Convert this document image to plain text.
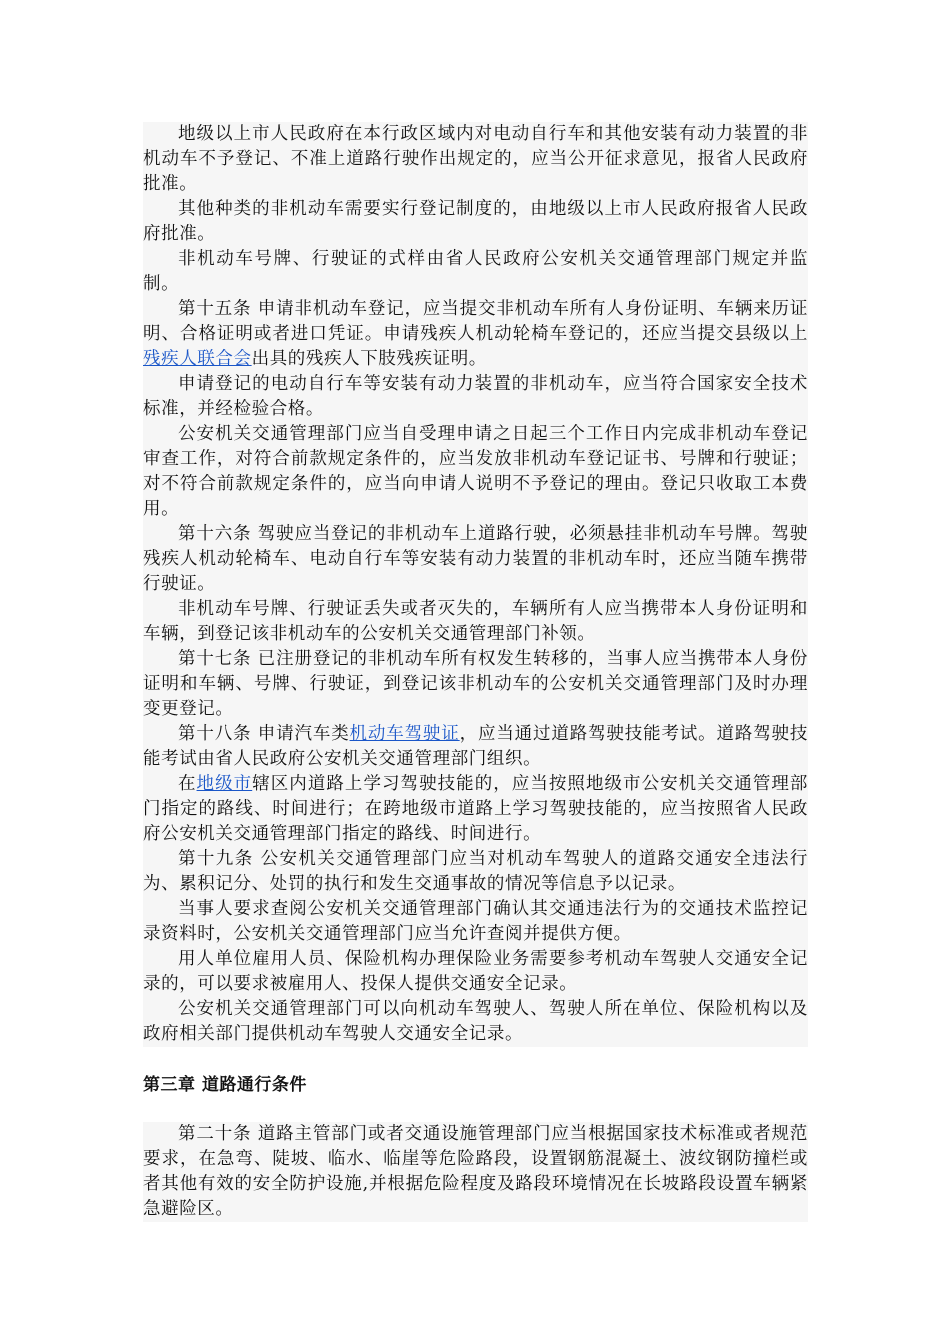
地级以上市人民政府在本行政区域内对电动自行车和其他安装有动力装置的非机动车不予登记、不准上道路行驶作出规定的，应当公开征求意见，报省人民政府批准。

其他种类的非机动车需要实行登记制度的，由地级以上市人民政府报省人民政府批准。

非机动车号牌、行驶证的式样由省人民政府公安机关交通管理部门规定并监制。

第十五条 申请非机动车登记，应当提交非机动车所有人身份证明、车辆来历证明、合格证明或者进口凭证。申请残疾人机动轮椅车登记的，还应当提交县级以上残疾人联合会出具的残疾人下肢残疾证明。

申请登记的电动自行车等安装有动力装置的非机动车，应当符合国家安全技术标准，并经检验合格。

公安机关交通管理部门应当自受理申请之日起三个工作日内完成非机动车登记审查工作，对符合前款规定条件的，应当发放非机动车登记证书、号牌和行驶证；对不符合前款规定条件的，应当向申请人说明不予登记的理由。登记只收取工本费用。

第十六条 驾驶应当登记的非机动车上道路行驶，必须悬挂非机动车号牌。驾驶残疾人机动轮椅车、电动自行车等安装有动力装置的非机动车时，还应当随车携带行驶证。

非机动车号牌、行驶证丢失或者灭失的，车辆所有人应当携带本人身份证明和车辆，到登记该非机动车的公安机关交通管理部门补领。

第十七条 已注册登记的非机动车所有权发生转移的，当事人应当携带本人身份证明和车辆、号牌、行驶证，到登记该非机动车的公安机关交通管理部门及时办理变更登记。

第十八条 申请汽车类机动车驾驶证，应当通过道路驾驶技能考试。道路驾驶技能考试由省人民政府公安机关交通管理部门组织。

在地级市辖区内道路上学习驾驶技能的，应当按照地级市公安机关交通管理部门指定的路线、时间进行；在跨地级市道路上学习驾驶技能的，应当按照省人民政府公安机关交通管理部门指定的路线、时间进行。

第十九条 公安机关交通管理部门应当对机动车驾驶人的道路交通安全违法行为、累积记分、处罚的执行和发生交通事故的情况等信息予以记录。

当事人要求查阅公安机关交通管理部门确认其交通违法行为的交通技术监控记录资料时，公安机关交通管理部门应当允许查阅并提供方便。

用人单位雇用人员、保险机构办理保险业务需要参考机动车驾驶人交通安全记录的，可以要求被雇用人、投保人提供交通安全记录。

公安机关交通管理部门可以向机动车驾驶人、驾驶人所在单位、保险机构以及政府相关部门提供机动车驾驶人交通安全记录。

第三章 道路通行条件

第二十条 道路主管部门或者交通设施管理部门应当根据国家技术标准或者规范要求，在急弯、陡坡、临水、临崖等危险路段，设置钢筋混凝土、波纹钢防撞栏或者其他有效的安全防护设施,并根据危险程度及路段环境情况在长坡路段设置车辆紧急避险区。
